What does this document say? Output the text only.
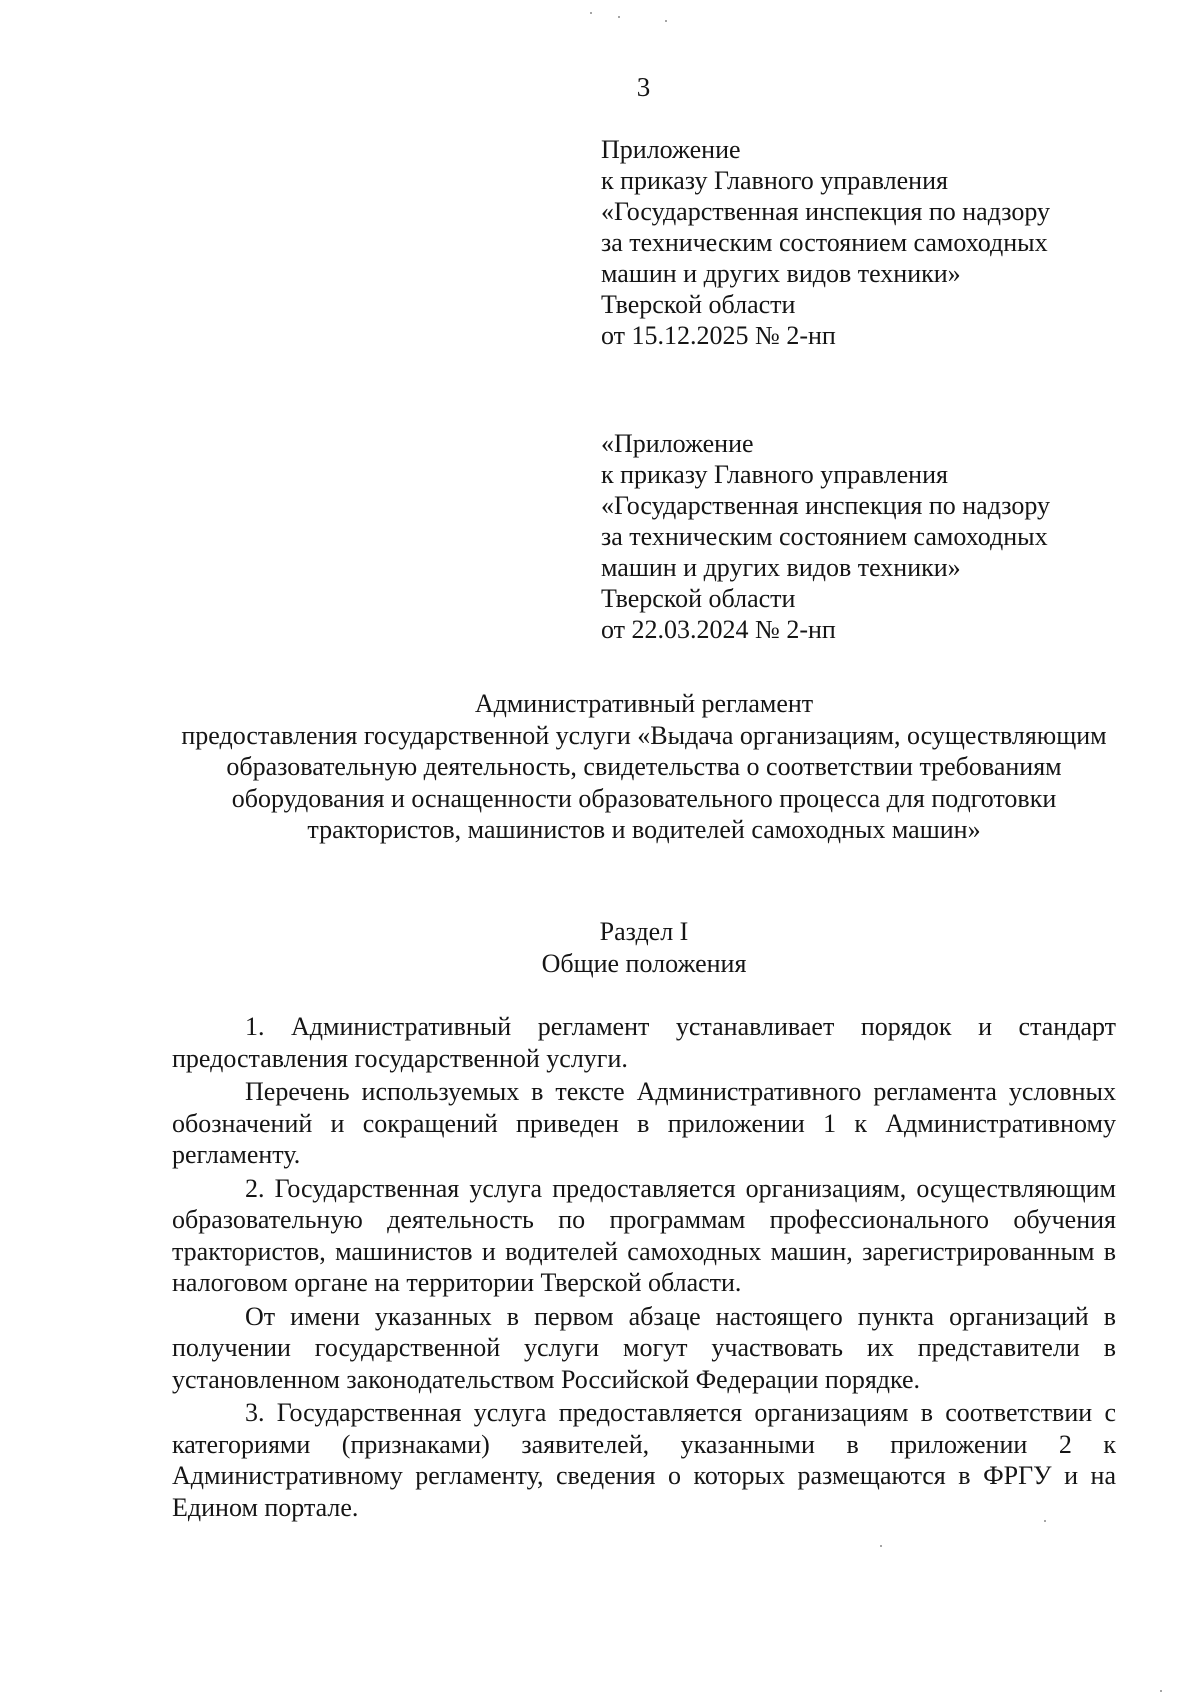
3
Приложение
к приказу Главного управления
«Государственная инспекция по надзору
за техническим состоянием самоходных
машин и других видов техники»
Тверской области
от 15.12.2025 № 2-нп
«Приложение
к приказу Главного управления
«Государственная инспекция по надзору
за техническим состоянием самоходных
машин и других видов техники»
Тверской области
от 22.03.2024 № 2-нп
Административный регламент
предоставления государственной услуги «Выдача организациям, осуществляющим образовательную деятельность, свидетельства о соответствии требованиям оборудования и оснащенности образовательного процесса для подготовки трактористов, машинистов и водителей самоходных машин»
Раздел I
Общие положения

1. Административный регламент устанавливает порядок и стандарт предоставления государственной услуги.

Перечень используемых в тексте Административного регламента условных обозначений и сокращений приведен в приложении 1 к Административному регламенту.

2. Государственная услуга предоставляется организациям, осуществляющим образовательную деятельность по программам профессионального обучения трактористов, машинистов и водителей самоходных машин, зарегистрированным в налоговом органе на территории Тверской области.

От имени указанных в первом абзаце настоящего пункта организаций в получении государственной услуги могут участвовать их представители в установленном законодательством Российской Федерации порядке.

3. Государственная услуга предоставляется организациям в соответствии с категориями (признаками) заявителей, указанными в приложении 2 к Административному регламенту, сведения о которых размещаются в ФРГУ и на Едином портале.
